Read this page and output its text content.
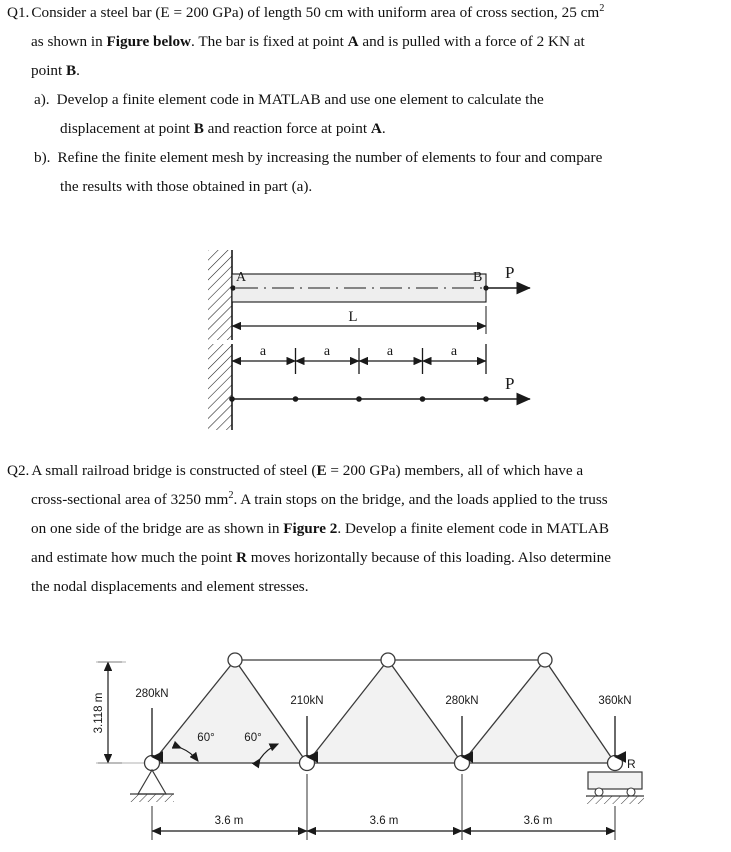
Q1. Consider a steel bar (E = 200 GPa) of length 50 cm with uniform area of cross section, 25 $cm^2$
as shown in Figure below. The bar is fixed at point A and is pulled with a force of 2 KN at
point B.
a). Develop a finite element code in MATLAB and use one element to calculate the
displacement at point B and reaction force at point A.
b). Refine the finite element mesh by increasing the number of elements to four and compare
the results with those obtained in part (a).
A	B P
L
a	a	a	a
P
Q2. A small railroad bridge is constructed of steel (E = 200 GPa) members, all of which have a
cross-sectional area of 3250 $mm^2$. A train stops on the bridge, and the loads applied to the truss
on one side of the bridge are as shown in Figure 2. Develop a finite element code in MATLAB
and estimate how much the point R moves horizontally because of this loading. Also determine
the nodal displacements and element stresses.
3.118 m	280kN
210kN	280kN	360kN
60°	60°
R
3.6 m	3.6 m	3.6 m
